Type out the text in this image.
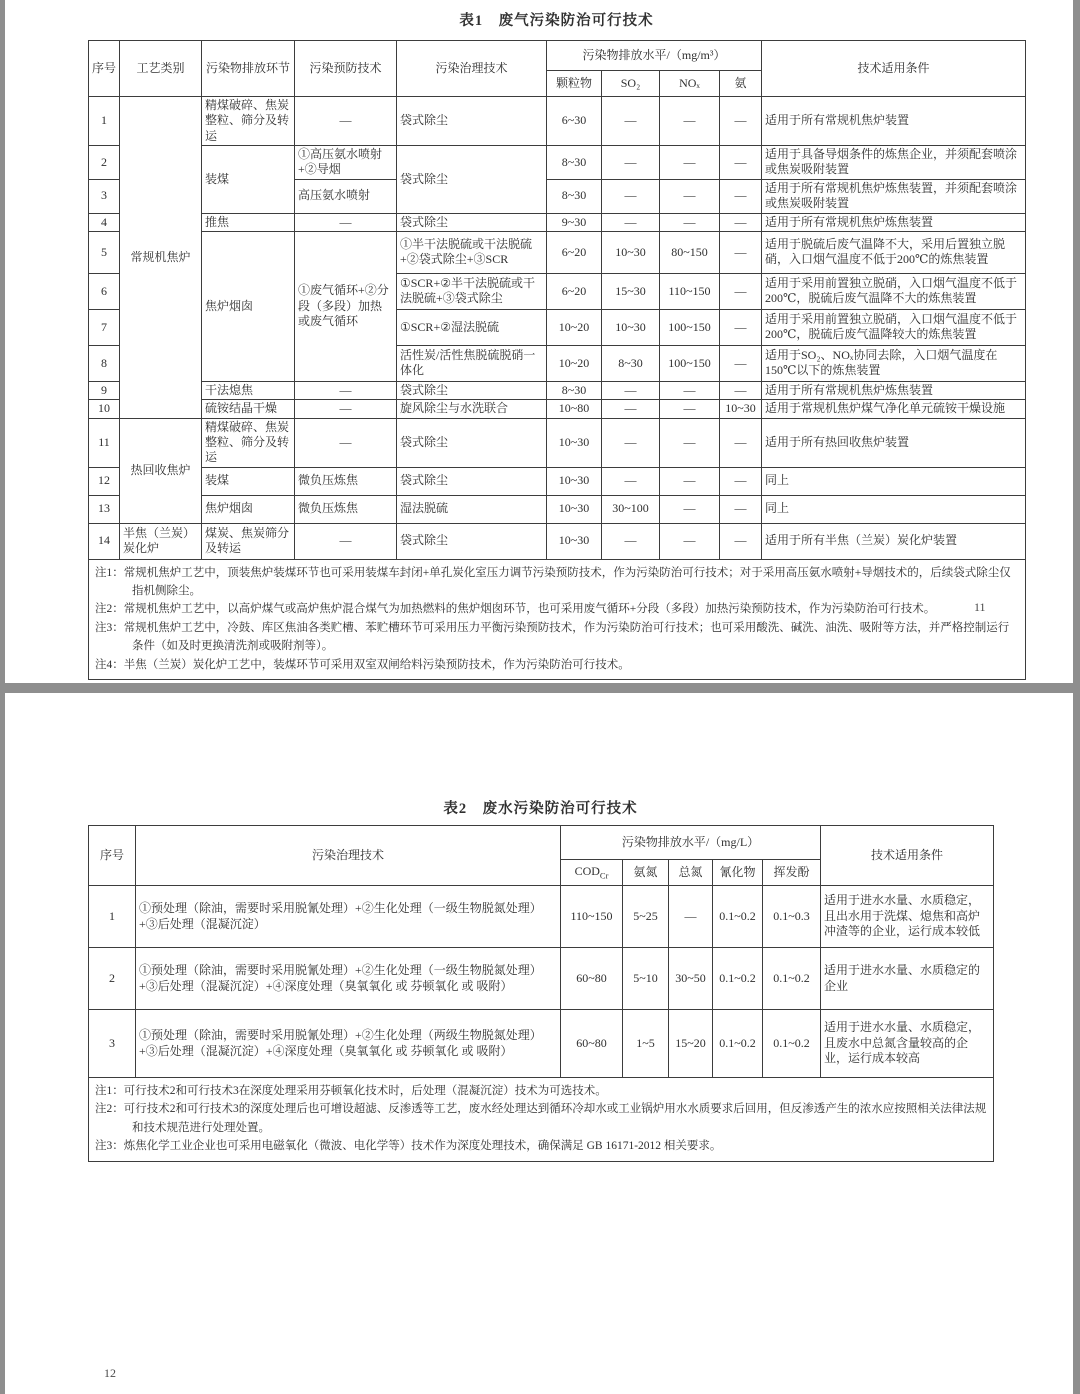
表1　废气污染防治可行技术
序号	工艺类别	污染物排放环节	污染预防技术	污染治理技术	污染物排放水平/（mg/m³）				技术适用条件
					颗粒物	SO₂	NOₓ	氨	
1	常规机焦炉	精煤破碎、焦炭整粒、筛分及转运	—	袋式除尘	6~30	—	—	—	适用于所有常规机焦炉装置
2		装煤	①高压氨水喷射+②导烟	袋式除尘	8~30	—	—	—	适用于具备导烟条件的炼焦企业，并须配套喷涂或焦炭吸附装置
3			高压氨水喷射		8~30	—	—	—	适用于所有常规机焦炉炼焦装置，并须配套喷涂或焦炭吸附装置
4		推焦	—	袋式除尘	9~30	—	—	—	适用于所有常规机焦炉炼焦装置
5		焦炉烟囱	①废气循环+②分段（多段）加热或废气循环	①半干法脱硫或干法脱硫+②袋式除尘+③SCR	6~20	10~30	80~150	—	适用于脱硫后废气温降不大，采用后置独立脱硝，入口烟气温度不低于200℃的炼焦装置
6				①SCR+②半干法脱硫或干法脱硫+③袋式除尘	6~20	15~30	110~150	—	适用于采用前置独立脱硝，入口烟气温度不低于200℃，脱硫后废气温降不大的炼焦装置
7				①SCR+②湿法脱硫	10~20	10~30	100~150	—	适用于采用前置独立脱硝，入口烟气温度不低于200℃，脱硫后废气温降较大的炼焦装置
8				活性炭/活性焦脱硫脱硝一体化	10~20	8~30	100~150	—	适用于SO₂、NOₓ协同去除，入口烟气温度在150℃以下的炼焦装置
9		干法熄焦	—	袋式除尘	8~30	—	—	—	适用于所有常规机焦炉炼焦装置
10		硫铵结晶干燥	—	旋风除尘与水洗联合	10~80	—	—	10~30	适用于常规机焦炉煤气净化单元硫铵干燥设施
11	热回收焦炉	精煤破碎、焦炭整粒、筛分及转运	—	袋式除尘	10~30	—	—	—	适用于所有热回收焦炉装置
12		装煤	微负压炼焦	袋式除尘	10~30	—	—	—	同上
13		焦炉烟囱	微负压炼焦	湿法脱硫	10~30	30~100	—	—	同上
14	半焦（兰炭）炭化炉	煤炭、焦炭筛分及转运	—	袋式除尘	10~30	—	—	—	适用于所有半焦（兰炭）炭化炉装置

注1：常规机焦炉工艺中，顶装焦炉装煤环节也可采用装煤车封闭+单孔炭化室压力调节污染预防技术，作为污染防治可行技术；对于采用高压氨水喷射+导烟技术的，后续袋式除尘仅指机侧除尘。
注2：常规机焦炉工艺中，以高炉煤气或高炉焦炉混合煤气为加热燃料的焦炉烟囱环节，也可采用废气循环+分段（多段）加热污染预防技术，作为污染防治可行技术。
注3：常规机焦炉工艺中，冷鼓、库区焦油各类贮槽、苯贮槽环节可采用压力平衡污染预防技术，作为污染防治可行技术；也可采用酸洗、碱洗、油洗、吸附等方法，并严格控制运行条件（如及时更换清洗剂或吸附剂等）。
注4：半焦（兰炭）炭化炉工艺中，装煤环节可采用双室双闸给料污染预防技术，作为污染防治可行技术。									
11
表2　废水污染防治可行技术
序号	污染治理技术	污染物排放水平/（mg/L）					技术适用条件
		$COD_{Cr}$	氨氮	总氮	氰化物	挥发酚	
1	①预处理（除油，需要时采用脱氰处理）+②生化处理（一级生物脱氮处理）+③后处理（混凝沉淀）	110~150	5~25	—	0.1~0.2	0.1~0.3	适用于进水水量、水质稳定，且出水用于洗煤、熄焦和高炉冲渣等的企业，运行成本较低
2	①预处理（除油，需要时采用脱氰处理）+②生化处理（一级生物脱氮处理）+③后处理（混凝沉淀）+④深度处理（臭氧氧化 或 芬顿氧化 或 吸附）	60~80	5~10	30~50	0.1~0.2	0.1~0.2	适用于进水水量、水质稳定的企业
3	①预处理（除油，需要时采用脱氰处理）+②生化处理（两级生物脱氮处理）+③后处理（混凝沉淀）+④深度处理（臭氧氧化 或 芬顿氧化 或 吸附）	60~80	1~5	15~20	0.1~0.2	0.1~0.2	适用于进水水量、水质稳定，且废水中总氮含量较高的企业，运行成本较高

注1：可行技术2和可行技术3在深度处理采用芬顿氧化技术时，后处理（混凝沉淀）技术为可选技术。
注2：可行技术2和可行技术3的深度处理后也可增设超滤、反渗透等工艺，废水经处理达到循环冷却水或工业锅炉用水水质要求后回用，但反渗透产生的浓水应按照相关法律法规和技术规范进行处理处置。
注3：炼焦化学工业企业也可采用电磁氧化（微波、电化学等）技术作为深度处理技术，确保满足 GB 16171-2012 相关要求。							
12
